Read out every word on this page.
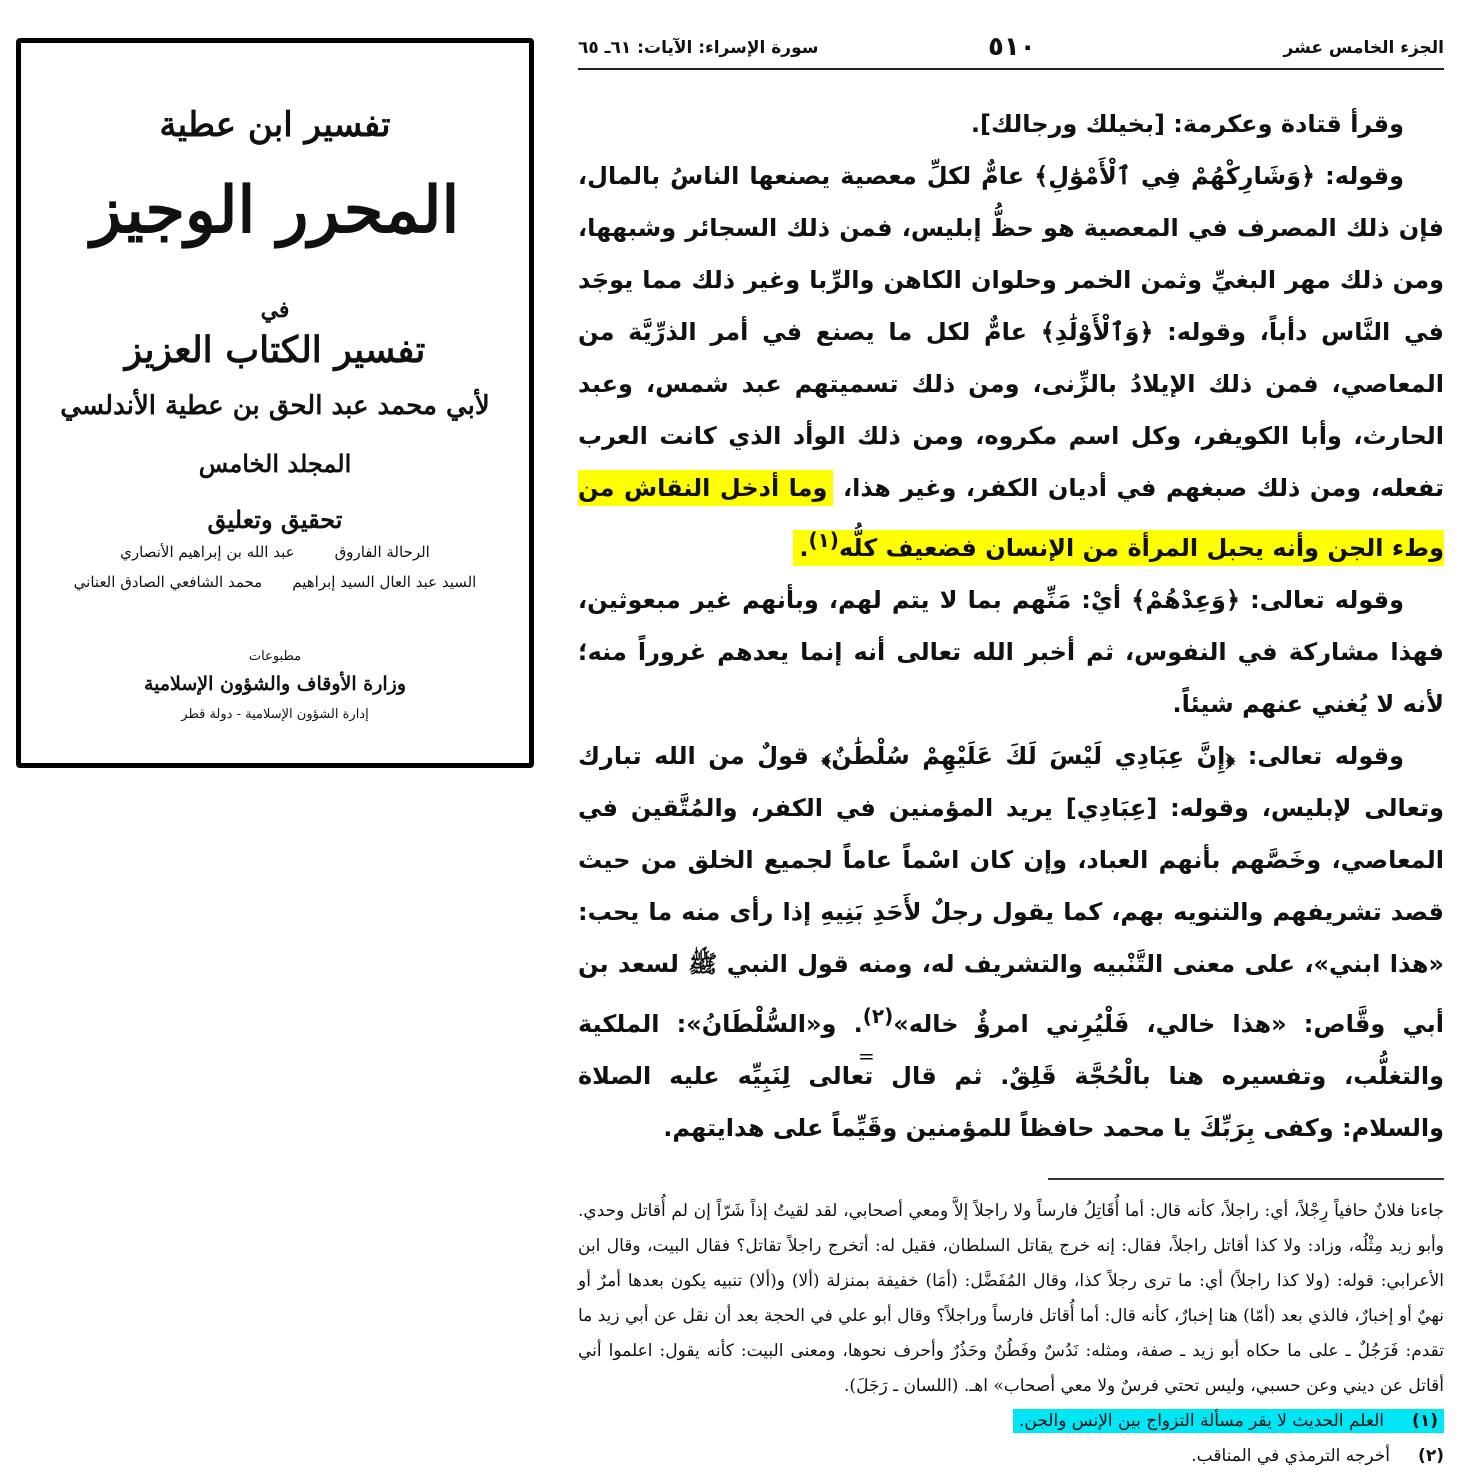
تفسير ابن عطية
المحرر الوجيز
في
تفسير الكتاب العزيز
لأبي محمد عبد الحق بن عطية الأندلسي
المجلد الخامس
تحقيق وتعليق
الرحالة الفاروق
عبد الله بن إبراهيم الأنصاري
السيد عبد العال السيد إبراهيم
محمد الشافعي الصادق العناني
مطبوعات
وزارة الأوقاف والشؤون الإسلامية
إدارة الشؤون الإسلامية - دولة قطر
الجزء الخامس عشر
٥١٠
سورة الإسراء: الآيات: ٦١ـ ٦٥

وقرأ قتادة وعكرمة: [بخيلك ورجالك].

وقوله: ﴿وَشَارِكْهُمْ فِي ٱلْأَمْوَٰلِ﴾ عامٌّ لكلِّ معصية يصنعها الناسُ بالمال، فإن ذلك المصرف في المعصية هو حظُّ إبليس، فمن ذلك السجائر وشبهها، ومن ذلك مهر البغيِّ وثمن الخمر وحلوان الكاهن والرِّبا وغير ذلك مما يوجَد في النَّاس دأباً، وقوله: ﴿وَٱلْأَوْلَٰدِ﴾ عامٌّ لكل ما يصنع في أمر الذرِّيَّة من المعاصي، فمن ذلك الإيلادُ بالزِّنى، ومن ذلك تسميتهم عبد شمس، وعبد الحارث، وأبا الكويفر، وكل اسم مكروه، ومن ذلك الوأد الذي كانت العرب تفعله، ومن ذلك صبغهم في أديان الكفر، وغير هذا، وما أدخل النقاش من وطء الجن وأنه يحبل المرأة من الإنسان فضعيف كلُّه$^{(١)}$.

وقوله تعالى: ﴿وَعِدْهُمْ﴾ أيْ: مَنِّهم بما لا يتم لهم، وبأنهم غير مبعوثين، فهذا مشاركة في النفوس، ثم أخبر الله تعالى أنه إنما يعدهم غروراً منه؛ لأنه لا يُغني عنهم شيئاً.

وقوله تعالى: ﴿إِنَّ عِبَادِي لَيْسَ لَكَ عَلَيْهِمْ سُلْطَٰنٌ﴾ قولٌ من الله تبارك وتعالى لإبليس، وقوله: [عِبَادِي] يريد المؤمنين في الكفر، والمُتَّقين في المعاصي، وخَصَّهم بأنهم العباد، وإن كان اسْماً عاماً لجميع الخلق من حيث قصد تشريفهم والتنويه بهم، كما يقول رجلٌ لأَحَدِ بَنِيهِ إذا رأى منه ما يحب: «هذا ابني»، على معنى التَّنْبيه والتشريف له، ومنه قول النبي ﷺ لسعد بن أبي وقَّاص: «هذا خالي، فَلْيُرِني امرؤٌ خاله»$^{(٢)}$. و«السُّلْطَانُ»: الملكية والتغلُّب، وتفسيره هنا بالْحُجَّة قَلِقٌ. ثم قال تعالى لِنَبِيِّه عليه الصلاة والسلام: وكفى بِرَبِّكَ يا محمد حافظاً للمؤمنين وقَيِّماً على هدايتهم.

جاءنا فلانٌ حافياً رِجْلاً، أي: راجلاً، كأنه قال: أما أُقَاتِلُ فارساً ولا راجلاً إلاَّ ومعي أصحابي، لقد لقيتُ إذاً شَرّاً إن لم أُقاتل وحدي. وأبو زيد مِثْلُه، وزاد: ولا كذا أقاتل راجلاً، فقال: إنه خرج يقاتل السلطان، فقيل له: أتخرج راجلاً تقاتل؟ فقال البيت، وقال ابن الأعرابي: قوله: (ولا كذا راجلاً) أي: ما ترى رجلاً كذا، وقال المُفَضَّل: (أمَا) خفيفة بمنزلة (ألا) و(ألا) تنبيه يكون بعدها أمرٌ أو نهيٌ أو إخبارٌ، فالذي بعد (أمّا) هنا إخبارٌ، كأنه قال: أما أُقاتل فارساً وراجلاً؟ وقال أبو علي في الحجة بعد أن نقل عن أبي زيد ما تقدم: فَرَجُلٌ ـ على ما حكاه أبو زيد ـ صفة، ومثله: نَدُسٌ وفَطُنٌ وحَذُرٌ وأحرف نحوها، ومعنى البيت: كأنه يقول: اعلموا أني أقاتل عن ديني وعن حسبي، وليس تحتي فرسٌ ولا معي أصحاب» اهـ. (اللسان ـ رَجَلَ).

(١)العلم الحديث لا يقر مسألة التزواج بين الإنس والجن.
(٢)أخرجه الترمذي في المناقب.
=
